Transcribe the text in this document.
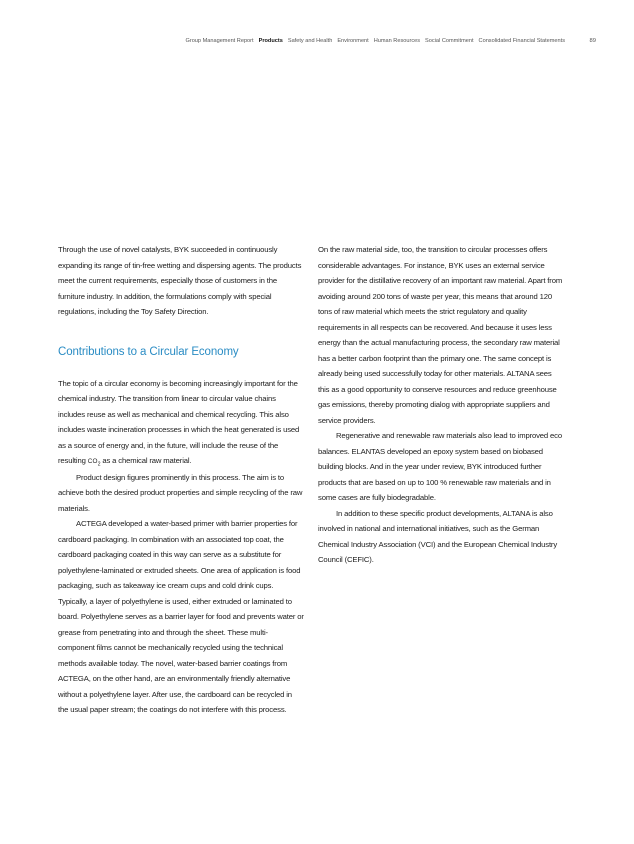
Group Management Report Products Safety and Health Environment Human Resources Social Commitment Consolidated Financial Statements	89

Through the use of novel catalysts, BYK succeeded in continuously expanding its range of tin-free wetting and dispersing agents. The products meet the current requirements, especially those of customers in the furniture industry. In addition, the formulations comply with special regulations, including the Toy Safety Direction.

Contributions to a Circular Economy

The topic of a circular economy is becoming increasingly important for the chemical industry. The transition from linear to circular value chains includes reuse as well as mechanical and chemical recycling. This also includes waste incineration processes in which the heat generated is used as a source of energy and, in the future, will include the reuse of the resulting $CO_2$ as a chemical raw material.

Product design figures prominently in this process. The aim is to achieve both the desired product properties and simple recycling of the raw materials.

ACTEGA developed a water-based primer with barrier properties for cardboard packaging. In combination with an associated top coat, the cardboard packaging coated in this way can serve as a substitute for polyethylene-laminated or extruded sheets. One area of application is food packaging, such as takeaway ice cream cups and cold drink cups. Typically, a layer of polyethylene is used, either extruded or laminated to board. Polyethylene serves as a barrier layer for food and prevents water or grease from penetrating into and through the sheet. These multi-component films cannot be mechanically recycled using the technical methods available today. The novel, water-based barrier coatings from ACTEGA, on the other hand, are an environmentally friendly alternative without a polyethylene layer. After use, the cardboard can be recycled in the usual paper stream; the coatings do not interfere with this process.

On the raw material side, too, the transition to circular processes offers considerable advantages. For instance, BYK uses an external service provider for the distillative recovery of an important raw material. Apart from avoiding around 200 tons of waste per year, this means that around 120 tons of raw material which meets the strict regulatory and quality requirements in all respects can be recovered. And because it uses less energy than the actual manufacturing process, the secondary raw material has a better carbon footprint than the primary one. The same concept is already being used successfully today for other materials. ALTANA sees this as a good opportunity to conserve resources and reduce greenhouse gas emissions, thereby promoting dialog with appropriate suppliers and service providers.

Regenerative and renewable raw materials also lead to improved eco balances. ELANTAS developed an epoxy system based on biobased building blocks. And in the year under review, BYK introduced further products that are based on up to 100 % renewable raw materials and in some cases are fully biodegradable.

In addition to these specific product developments, ALTANA is also involved in national and international initiatives, such as the German Chemical Industry Association (VCI) and the European Chemical Industry Council (CEFIC).
